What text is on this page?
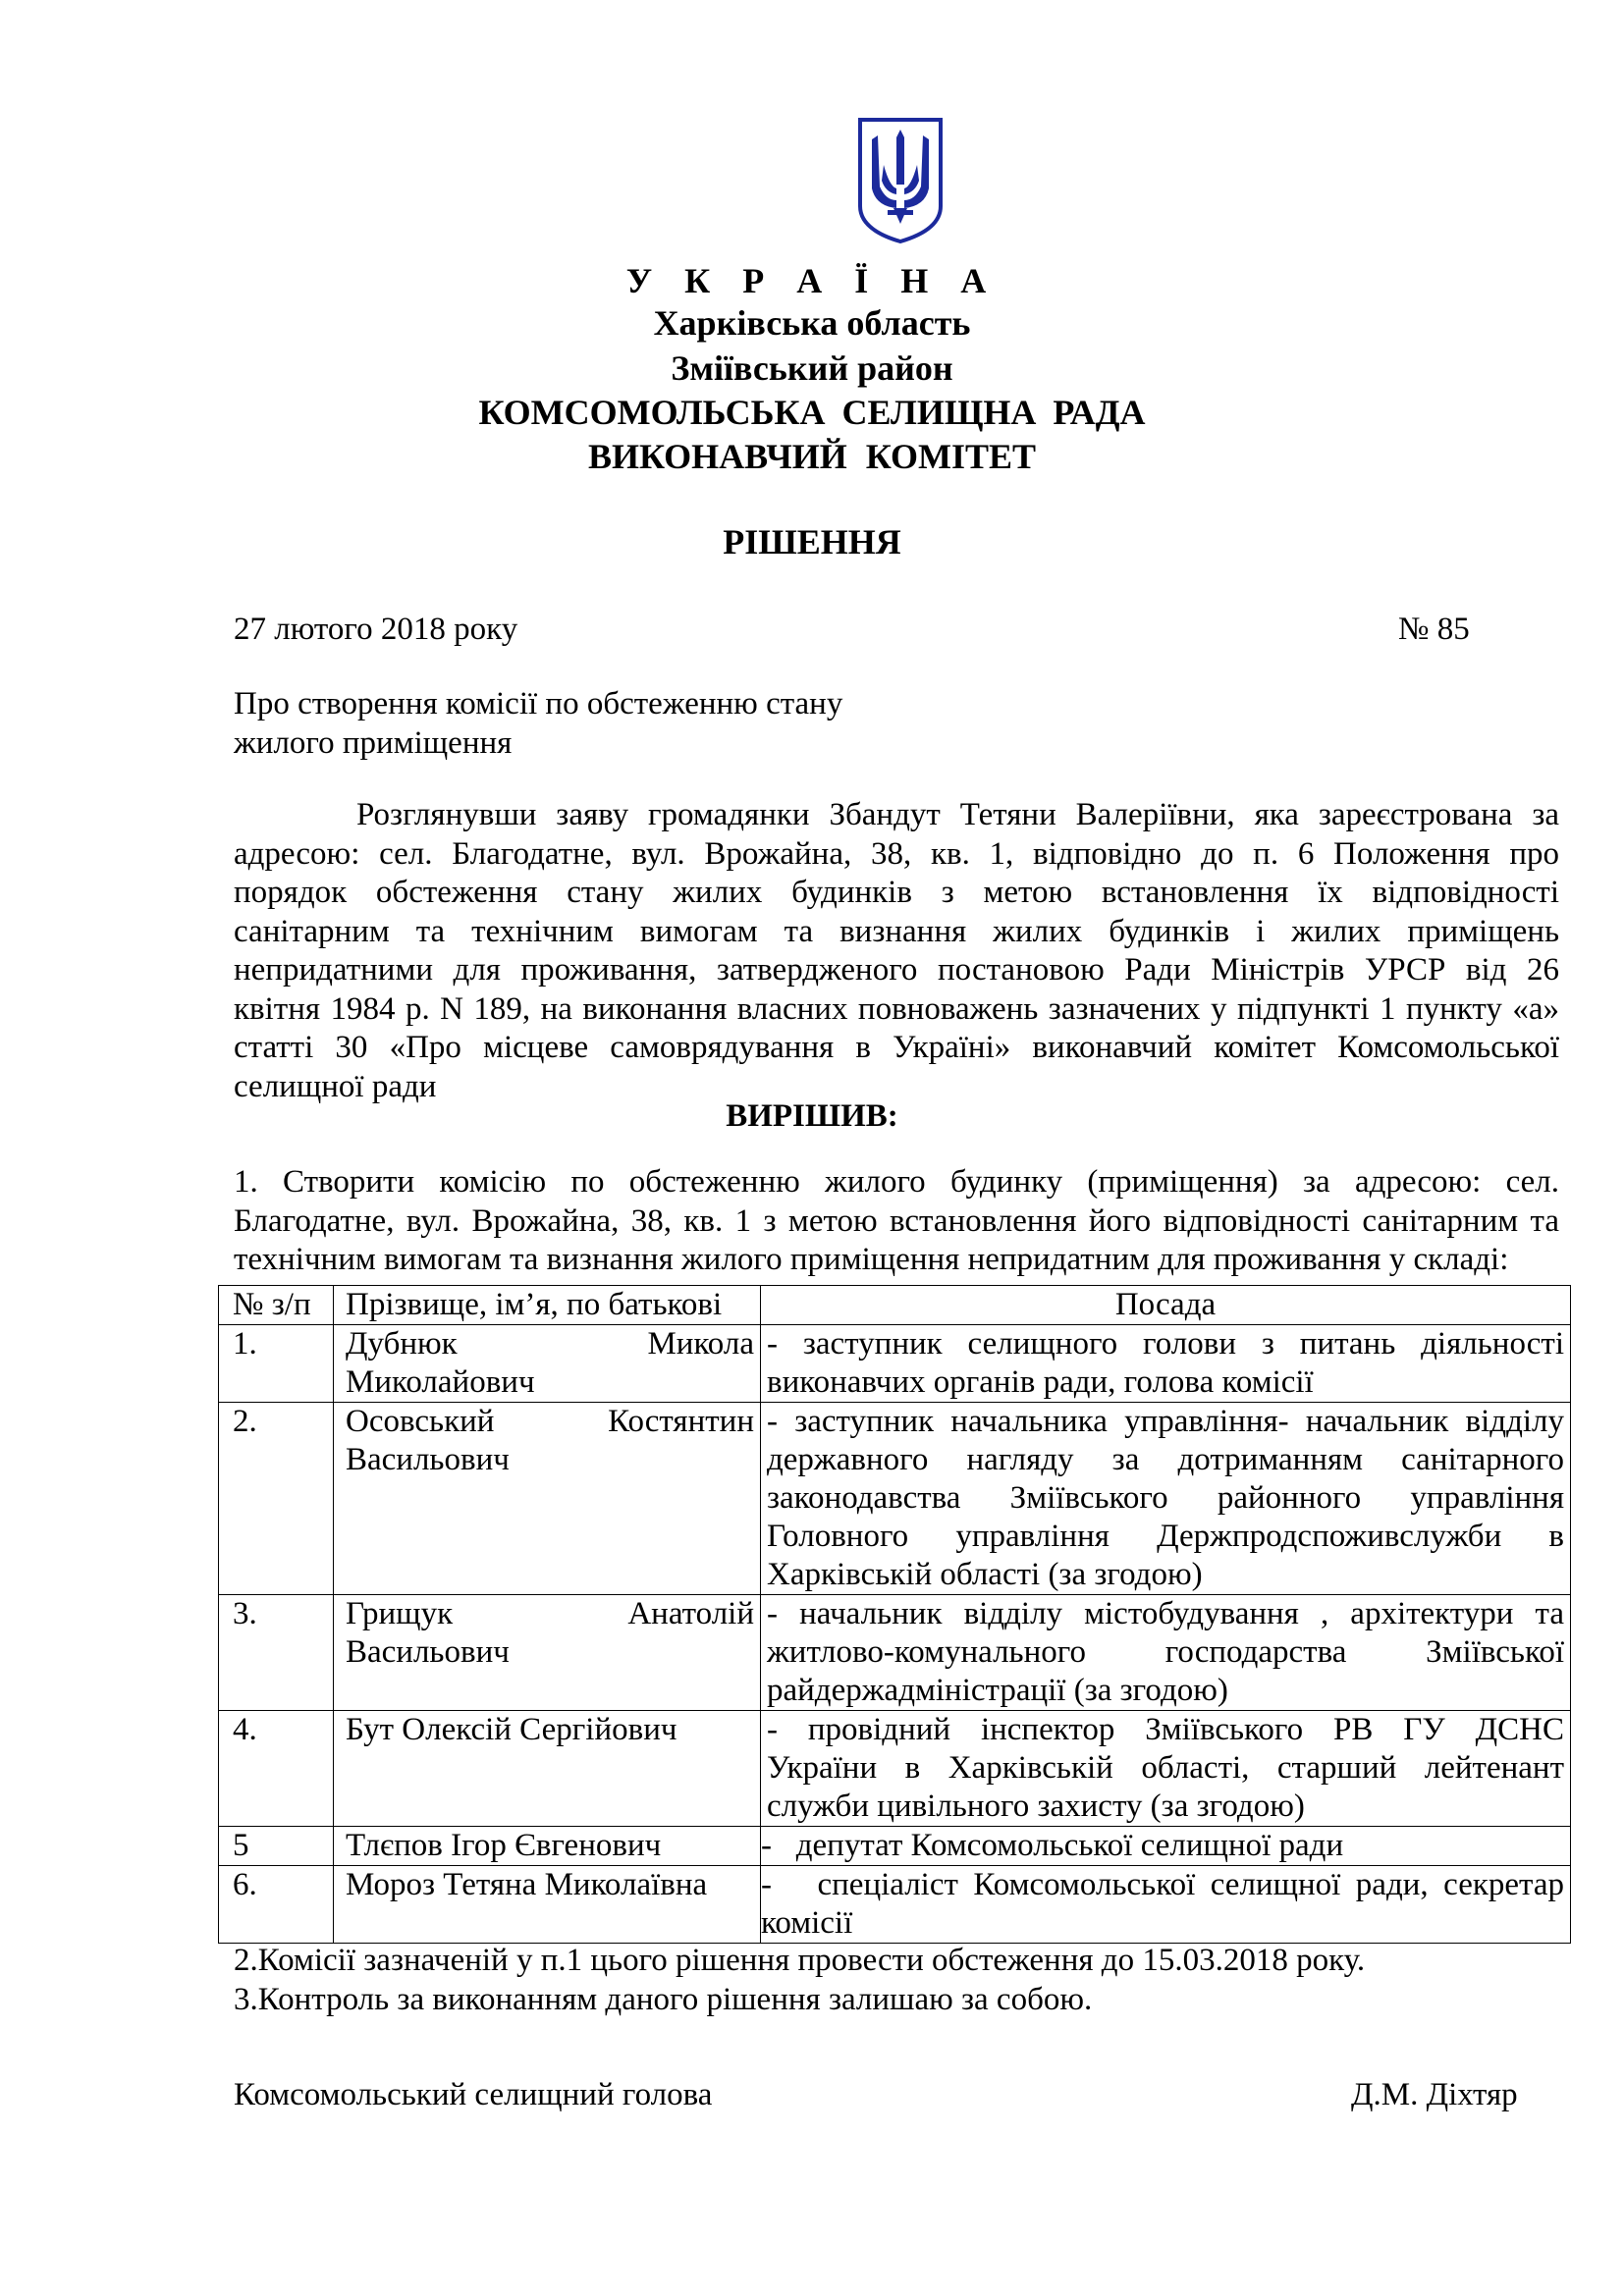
У К Р А Ї Н А
Харківська область
Зміївський район
КОМСОМОЛЬСЬКА СЕЛИЩНА РАДА
ВИКОНАВЧИЙ КОМІТЕТ
РІШЕННЯ
27 лютого 2018 року	№ 85
Про створення комісії по обстеженню стану
жилого приміщення
Розглянувши заяву громадянки Збандут Тетяни Валеріївни, яка зареєстрована за
адресою: сел. Благодатне, вул. Врожайна, 38, кв. 1, відповідно до п. 6 Положення про
порядок обстеження стану жилих будинків з метою встановлення їх відповідності
санітарним та технічним вимогам та визнання жилих будинків і жилих приміщень
непридатними для проживання, затвердженого постановою Ради Міністрів УРСР від 26
квітня 1984 р. N 189, на виконання власних повноважень зазначених у підпункті 1 пункту «а»
статті 30 «Про місцеве самоврядування в Україні» виконавчий комітет Комсомольської
селищної ради
ВИРІШИВ:
1. Створити комісію по обстеженню жилого будинку (приміщення) за адресою: сел.
Благодатне, вул. Врожайна, 38, кв. 1 з метою встановлення його відповідності санітарним та
технічним вимогам та визнання жилого приміщення непридатним для проживання у складі:
№ з/п	Прізвище, ім’я, по батькові	Посада
1.	Дубнюк Микола
Миколайович	- заступник селищного голови з питань діяльності
виконавчих органів ради, голова комісії

2.	Осовський Костянтин
Васильович	- заступник начальника управління- начальник відділу
державного нагляду за дотриманням санітарного
законодавства Зміївського районного управління
Головного управління Держпродспоживслужби в
Харківській області (за згодою)

3.	Грищук Анатолій
Васильович	- начальник відділу містобудування , архітектури та
житлово-комунального господарства Зміївської
райдержадміністрації (за згодою)

4.	Бут Олексій Сергійович	- провідний інспектор Зміївського РВ ГУ ДСНС
України в Харківській області, старший лейтенант
служби цивільного захисту (за згодою)

5	Тлєпов Ігор Євгенович	-   депутат Комсомольської селищної ради

6.	Мороз Тетяна Миколаївна	-   спеціаліст Комсомольської селищної ради, секретар
комісії
2.Комісії зазначеній у п.1 цього рішення провести обстеження до 15.03.2018 року.
3.Контроль за виконанням даного рішення залишаю за собою.
Комсомольський селищний голова	Д.М. Діхтяр
